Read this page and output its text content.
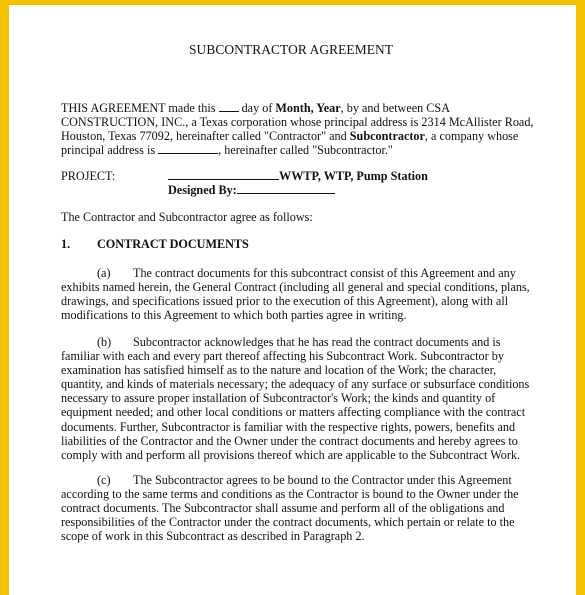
SUBCONTRACTOR AGREEMENT
THIS AGREEMENT made this  day of Month, Year, by and between CSA
CONSTRUCTION, INC., a Texas corporation whose principal address is 2314 McAllister Road,
Houston, Texas 77092, hereinafter called "Contractor" and Subcontractor, a company whose
principal address is	, hereinafter called "Subcontractor."
PROJECT:	WWTP, WTP, Pump Station
Designed By:
The Contractor and Subcontractor agree as follows:
1. CONTRACT DOCUMENTS
(a) The contract documents for this subcontract consist of this Agreement and any
exhibits named herein, the General Contract (including all general and special conditions, plans,
drawings, and specifications issued prior to the execution of this Agreement), along with all
modifications to this Agreement to which both parties agree in writing.
(b) Subcontractor acknowledges that he has read the contract documents and is
familiar with each and every part thereof affecting his Subcontract Work. Subcontractor by
examination has satisfied himself as to the nature and location of the Work; the character,
quantity, and kinds of materials necessary; the adequacy of any surface or subsurface conditions
necessary to assure proper installation of Subcontractor's Work; the kinds and quantity of
equipment needed; and other local conditions or matters affecting compliance with the contract
documents. Further, Subcontractor is familiar with the respective rights, powers, benefits and
liabilities of the Contractor and the Owner under the contract documents and hereby agrees to
comply with and perform all provisions thereof which are applicable to the Subcontract Work.
(c) The Subcontractor agrees to be bound to the Contractor under this Agreement
according to the same terms and conditions as the Contractor is bound to the Owner under the
contract documents. The Subcontractor shall assume and perform all of the obligations and
responsibilities of the Contractor under the contract documents, which pertain or relate to the
scope of work in this Subcontract as described in Paragraph 2.
